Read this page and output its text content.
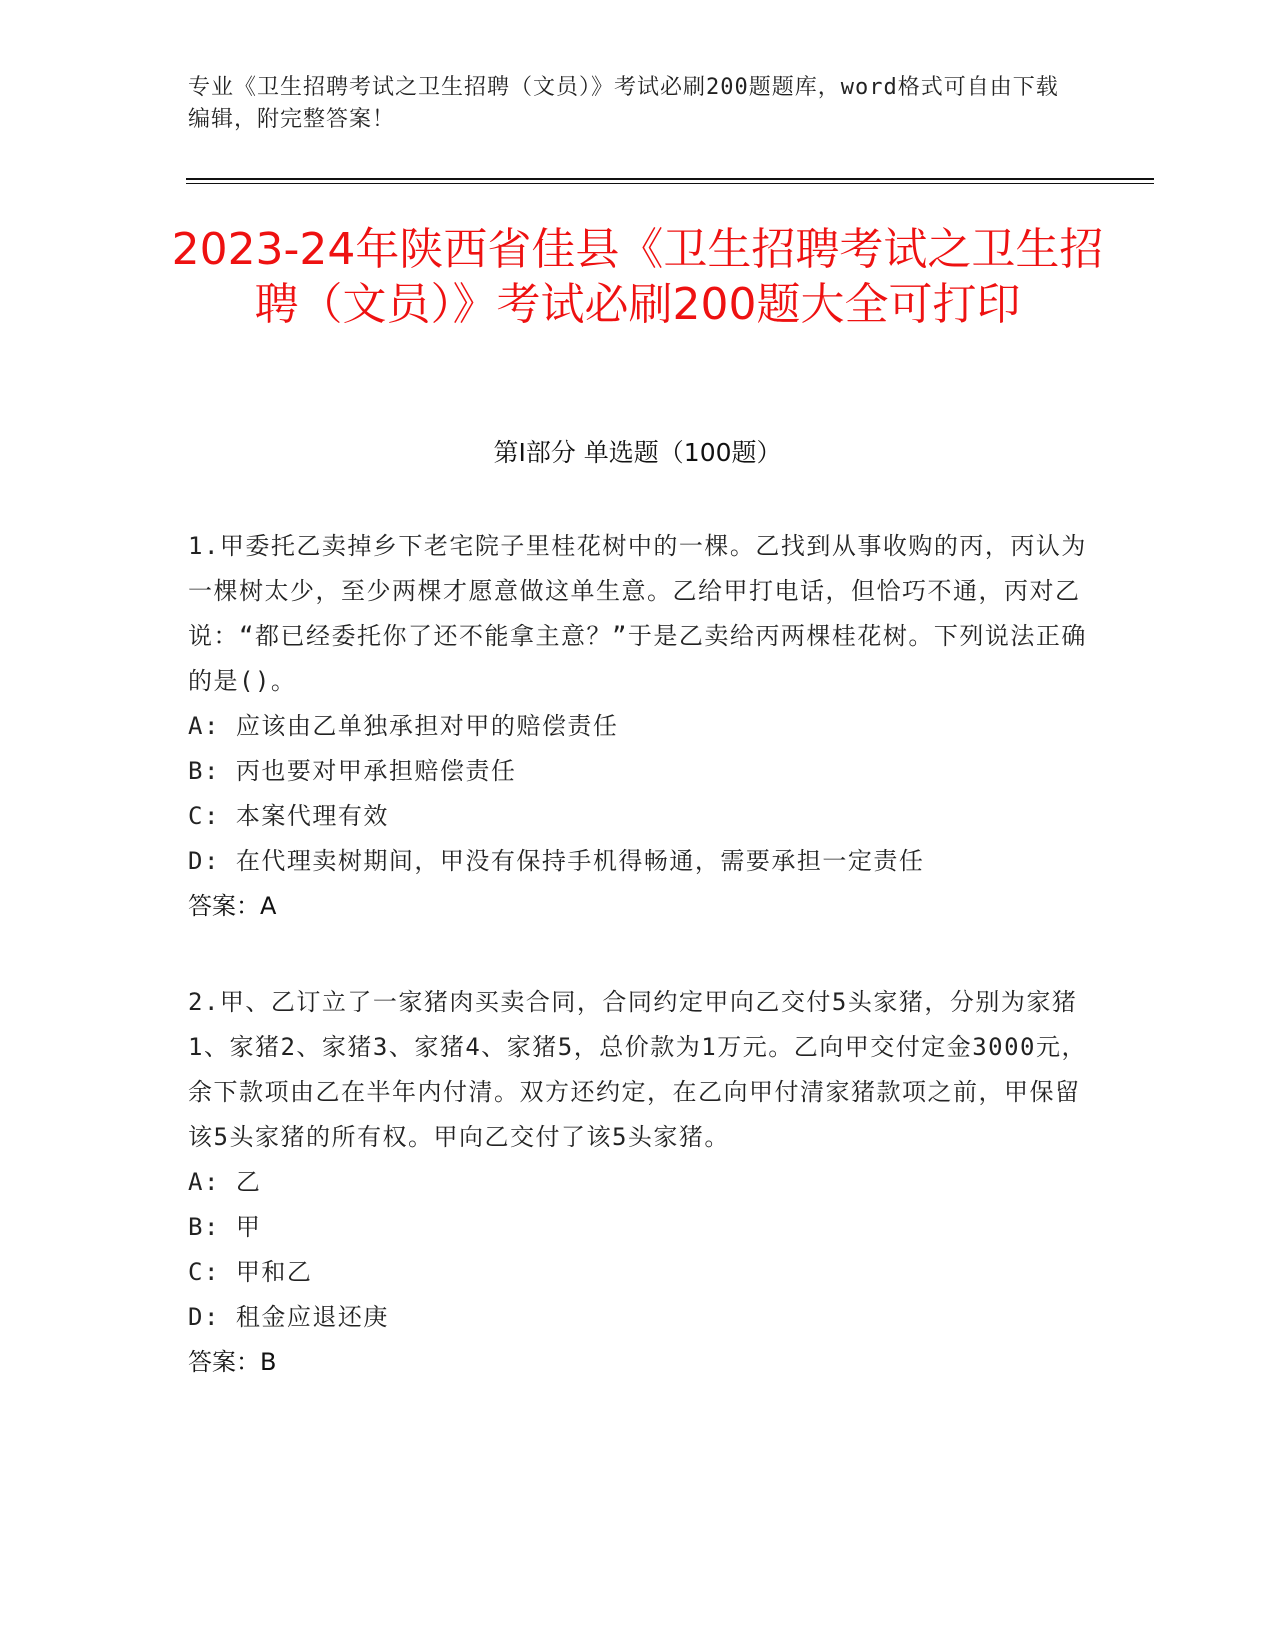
专业《卫生招聘考试之卫生招聘（文员）》考试必刷200题题库，word格式可自由下载编辑，附完整答案！
2023-24年陕西省佳县《卫生招聘考试之卫生招聘（文员）》考试必刷200题大全可打印
第Ⅰ部分 单选题（100题）
1.甲委托乙卖掉乡下老宅院子里桂花树中的一棵。乙找到从事收购的丙，丙认为一棵树太少，至少两棵才愿意做这单生意。乙给甲打电话，但恰巧不通，丙对乙说：“都已经委托你了还不能拿主意？”于是乙卖给丙两棵桂花树。下列说法正确的是()。
A: 应该由乙单独承担对甲的赔偿责任
B: 丙也要对甲承担赔偿责任
C: 本案代理有效
D: 在代理卖树期间，甲没有保持手机得畅通，需要承担一定责任
答案：A
2.甲、乙订立了一家猪肉买卖合同，合同约定甲向乙交付5头家猪，分别为家猪1、家猪2、家猪3、家猪4、家猪5，总价款为1万元。乙向甲交付定金3000元，余下款项由乙在半年内付清。双方还约定，在乙向甲付清家猪款项之前，甲保留该5头家猪的所有权。甲向乙交付了该5头家猪。
A: 乙
B: 甲
C: 甲和乙
D: 租金应退还庚
答案：B
